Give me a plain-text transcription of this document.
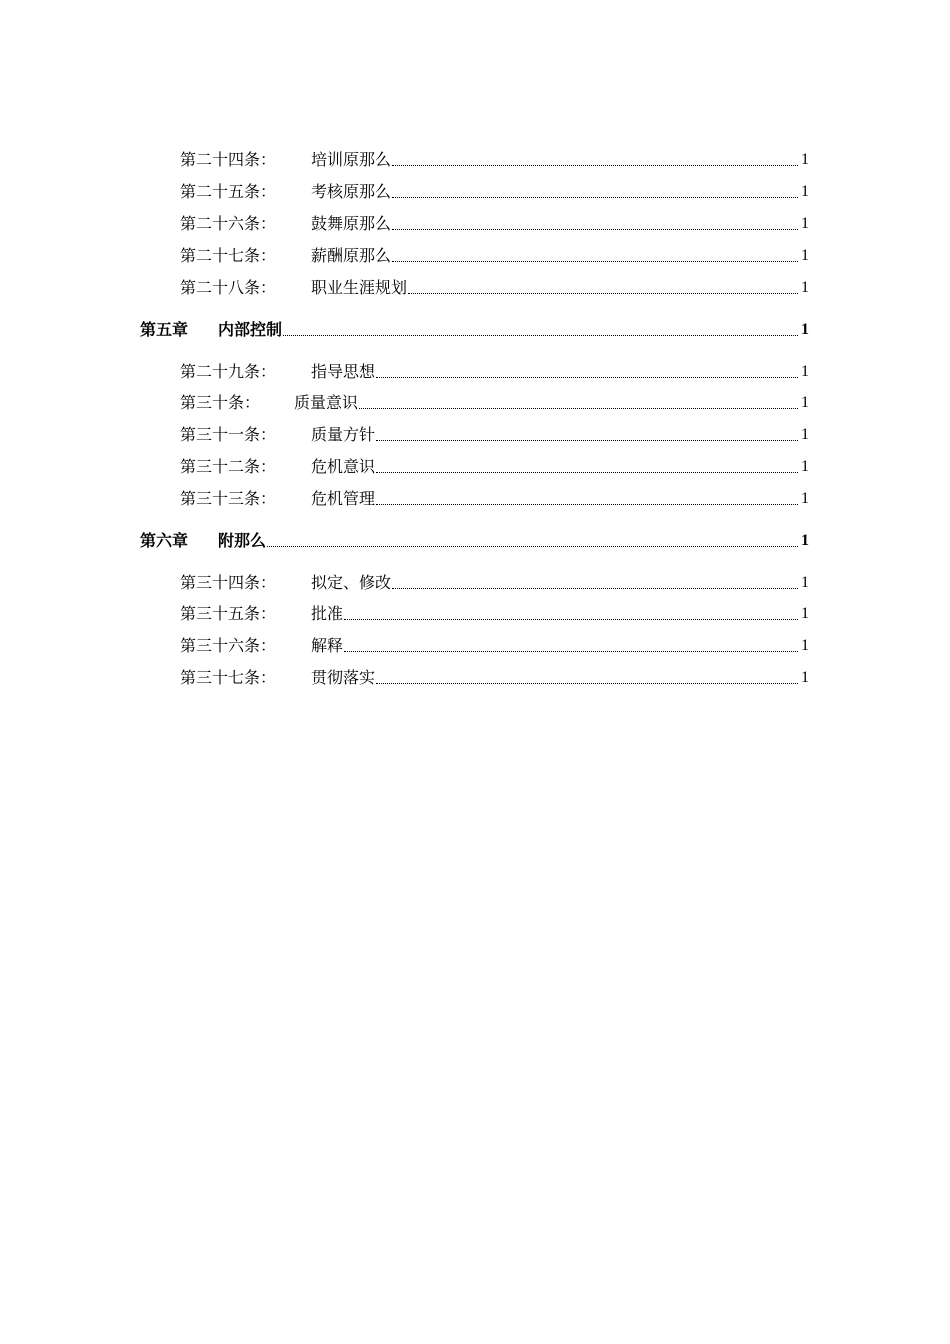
第二十四条： 培训原那么	1
第二十五条： 考核原那么	1
第二十六条： 鼓舞原那么	1
第二十七条： 薪酬原那么	1
第二十八条： 职业生涯规划	1
第五章 内部控制	1
第二十九条： 指导思想	1
第三十条： 质量意识	1
第三十一条： 质量方针	1
第三十二条： 危机意识	1
第三十三条： 危机管理	1
第六章 附那么	1
第三十四条： 拟定、修改	1
第三十五条： 批准	1
第三十六条： 解释	1
第三十七条： 贯彻落实	1
